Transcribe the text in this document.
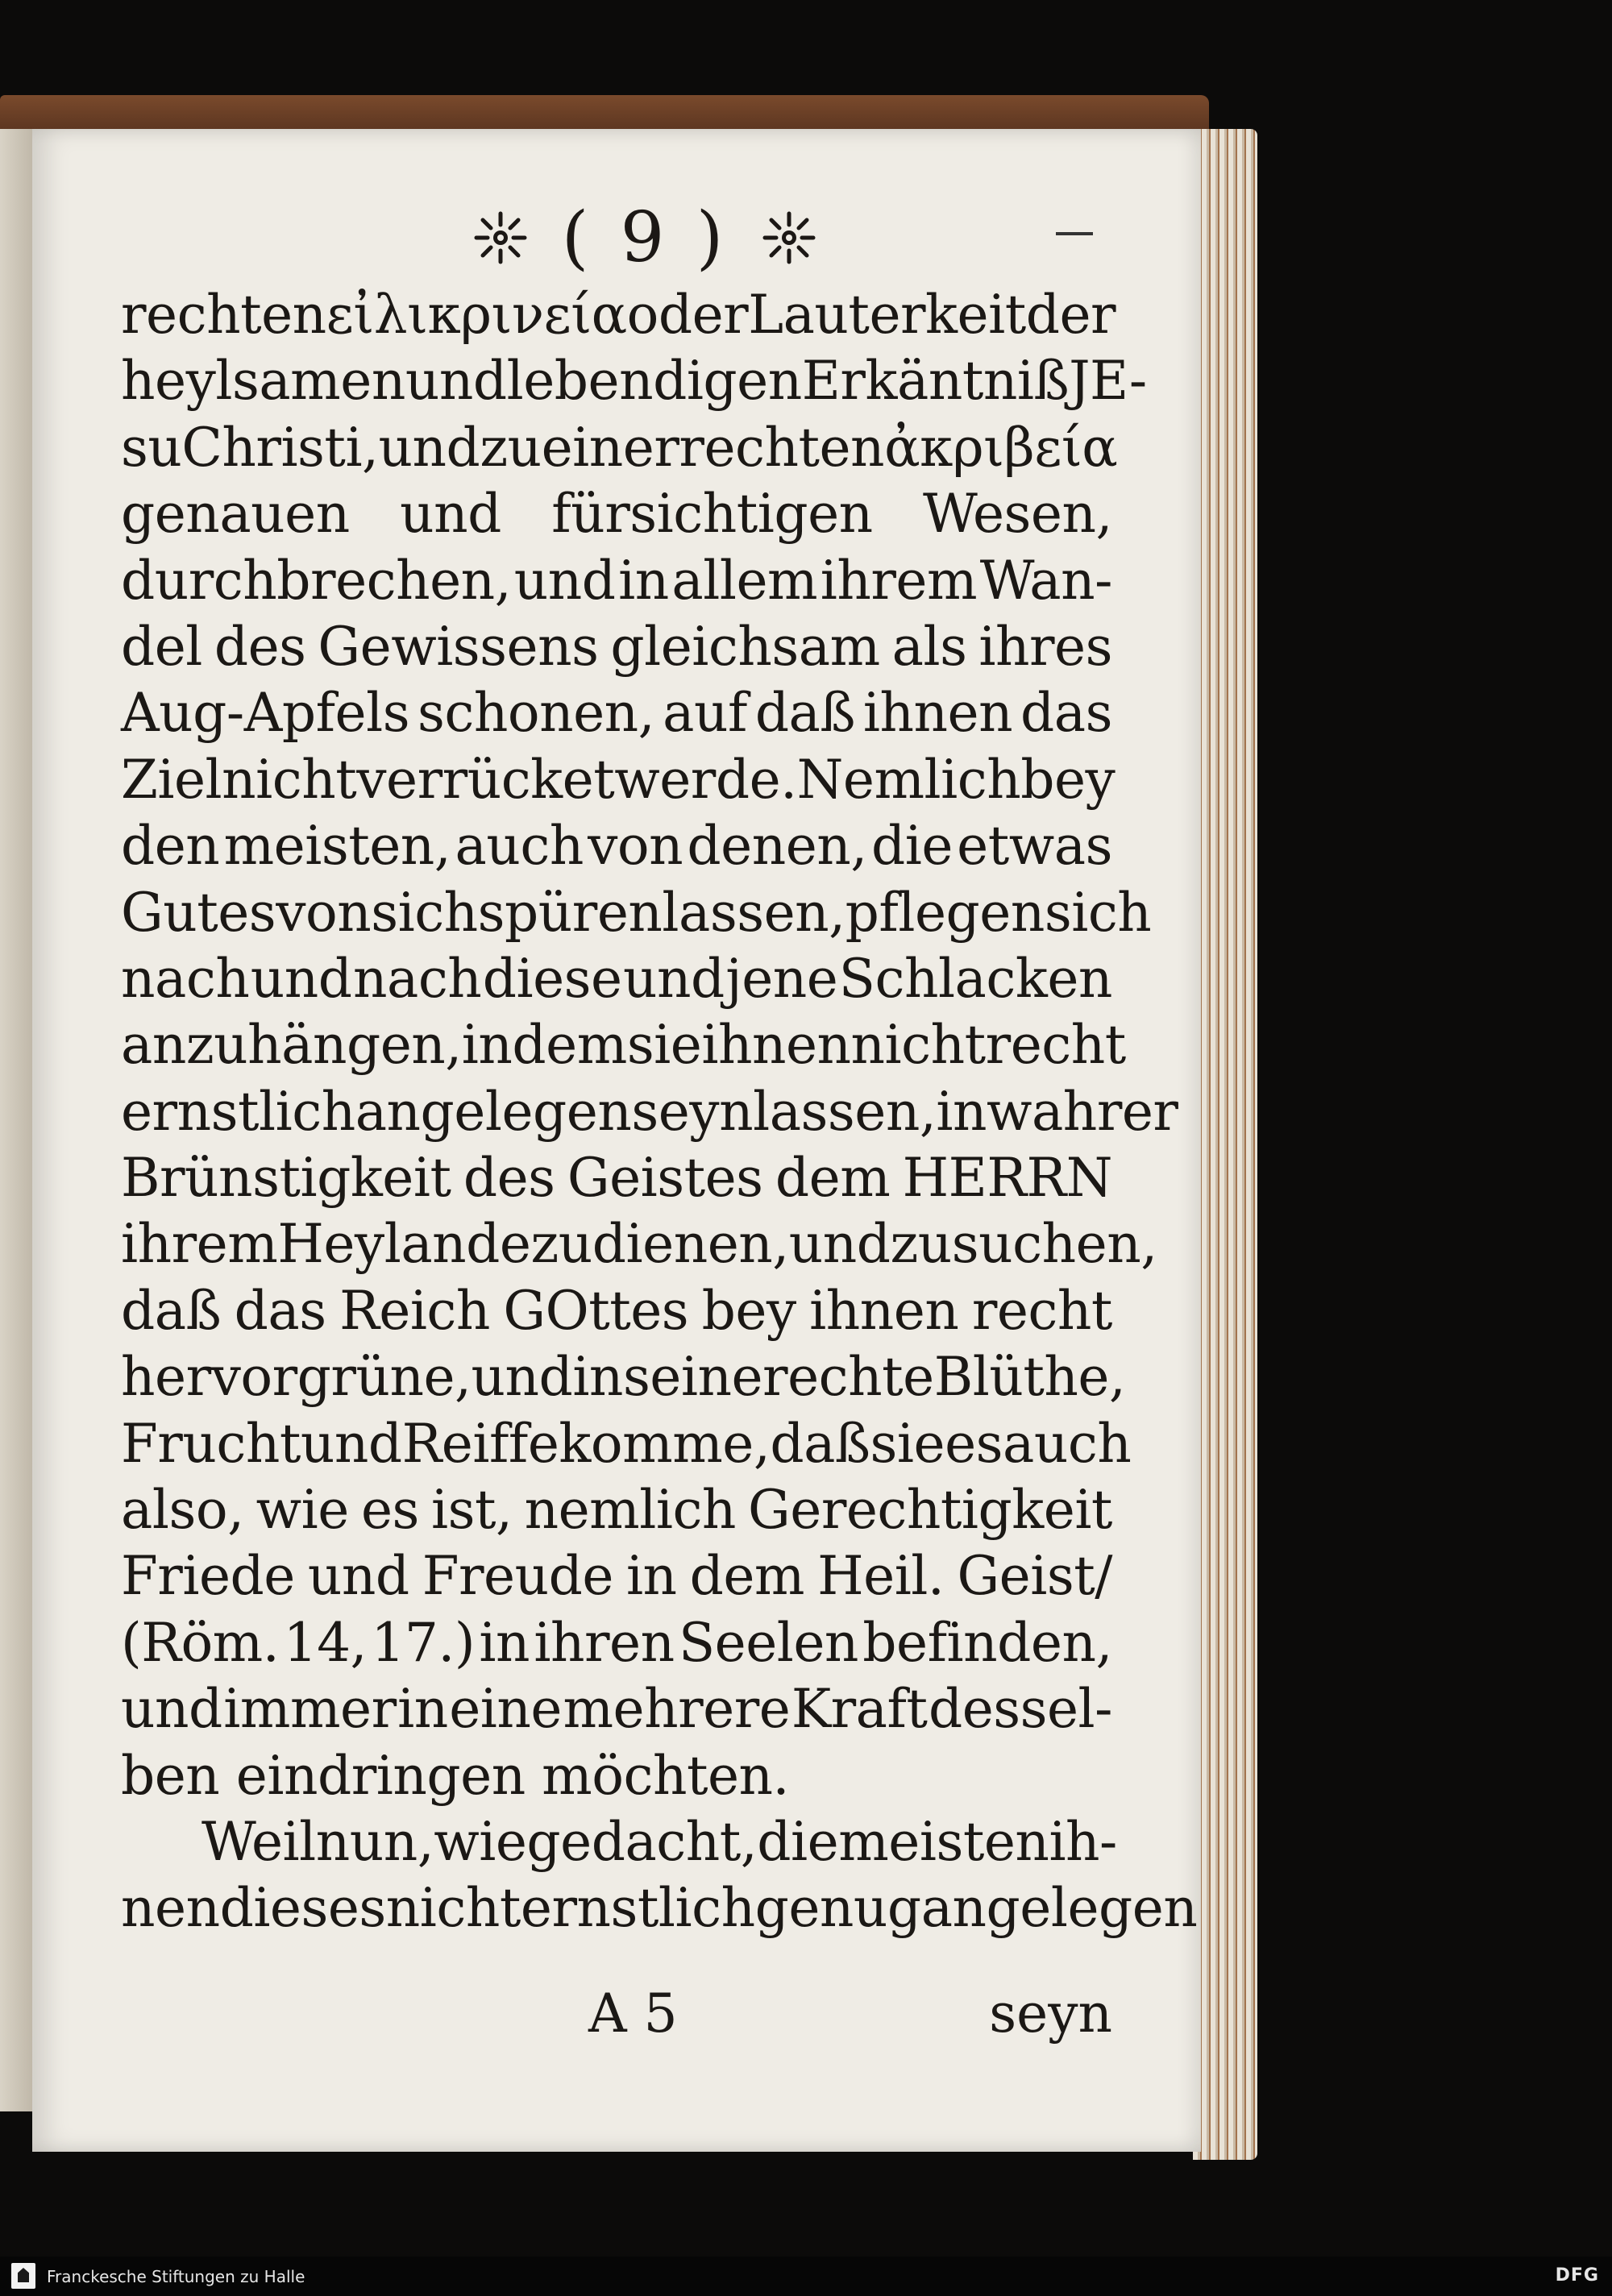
( 9 )
rechten εἰλικρινεία oder Lauterkeit der
heylsamen und lebendigen Erkäntniß JE-
su Christi, und zu einer rechten ἀκριβεία
genauen und fürsichtigen Wesen,
durchbrechen, und in allem ihrem Wan-
del des Gewissens gleichsam als ihres
Aug-Apfels schonen, auf daß ihnen das
Ziel nicht verrücket werde. Nemlich bey
den meisten, auch von denen, die etwas
Gutes von sich spüren lassen, pflegen sich
nach und nach diese und jene Schlacken
anzuhängen, indem sie ihnen nicht recht
ernstlich angelegen seyn lassen, in wahrer
Brünstigkeit des Geistes dem HERRN
ihrem Heylande zu dienen, und zu suchen,
daß das Reich GOttes bey ihnen recht
hervorgrüne, und in seine rechte Blüthe,
Frucht und Reiffe komme, daß sie es auch
also, wie es ist, nemlich Gerechtigkeit
Friede und Freude in dem Heil. Geist/
(Röm. 14, 17.) in ihren Seelen befinden,
und immer in eine mehrere Kraft dessel-
ben eindringen möchten.
Weil nun, wie gedacht, die meisten ih-
nen dieses nicht ernstlich genug angelegen
A 5	seyn
Franckesche Stiftungen zu Halle	DFG
